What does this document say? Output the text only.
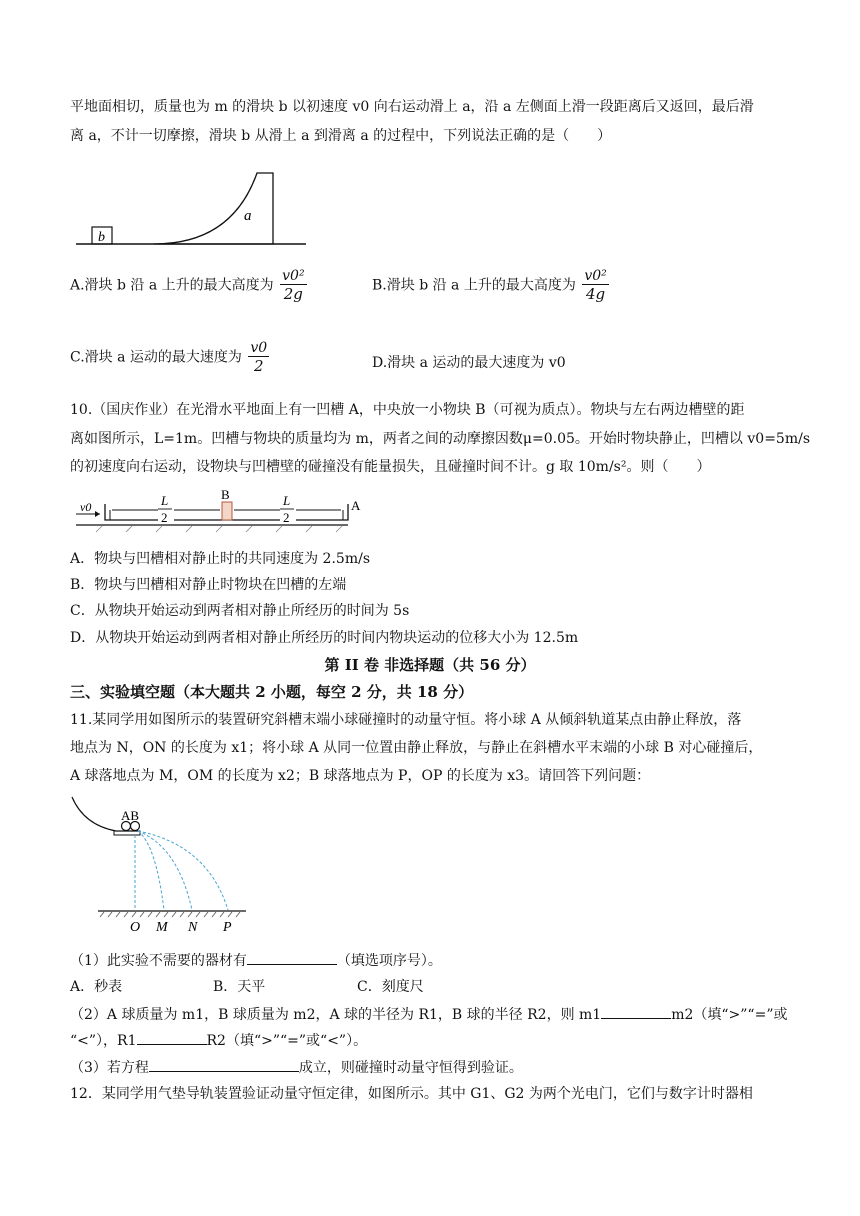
平地面相切，质量也为 m 的滑块 b 以初速度 v0 向右运动滑上 a，沿 a 左侧面上滑一段距离后又返回，最后滑
离 a，不计一切摩擦，滑块 b 从滑上 a 到滑离 a 的过程中，下列说法正确的是（　　）
b
a
A.滑块 b 沿 a 上升的最大高度为 $\frac{\text{v0²}}{2g}$	B.滑块 b 沿 a 上升的最大高度为 $\frac{\text{v0²}}{4g}$
C.滑块 a 运动的最大速度为 $\frac{v0}{2}$	D.滑块 a 运动的最大速度为 v0
10.（国庆作业）在光滑水平地面上有一凹槽 A，中央放一小物块 B（可视为质点）。物块与左右两边槽壁的距
离如图所示，L=1m。凹槽与物块的质量均为 m，两者之间的动摩擦因数μ=0.05。开始时物块静止，凹槽以 v0=5m/s
的初速度向右运动，设物块与凹槽壁的碰撞没有能量损失，且碰撞时间不计。g 取 10m/s²。则（　　）
B
A
v0	L
2
L
2
A．物块与凹槽相对静止时的共同速度为 2.5m/s
B．物块与凹槽相对静止时物块在凹槽的左端
C．从物块开始运动到两者相对静止所经历的时间为 5s
D．从物块开始运动到两者相对静止所经历的时间内物块运动的位移大小为 12.5m
第 II 卷 非选择题（共 56 分）
三、实验填空题（本大题共 2 小题，每空 2 分，共 18 分）
11.某同学用如图所示的装置研究斜槽末端小球碰撞时的动量守恒。将小球 A 从倾斜轨道某点由静止释放，落
地点为 N，ON 的长度为 x1；将小球 A 从同一位置由静止释放，与静止在斜槽水平末端的小球 B 对心碰撞后，
A 球落地点为 M，OM 的长度为 x2；B 球落地点为 P，OP 的长度为 x3。请回答下列问题：
AB
O M N P
（1）此实验不需要的器材有	（填选项序号）。
A．秒表	B．天平	C．刻度尺
（2）A 球质量为 m1，B 球质量为 m2，A 球的半径为 R1，B 球的半径 R2，则 m1	m2（填“>”“=”或
“<”），R1	R2（填“>”“=”或“<”）。
（3）若方程	成立，则碰撞时动量守恒得到验证。
12．某同学用气垫导轨装置验证动量守恒定律，如图所示。其中 G1、G2 为两个光电门，它们与数字计时器相
